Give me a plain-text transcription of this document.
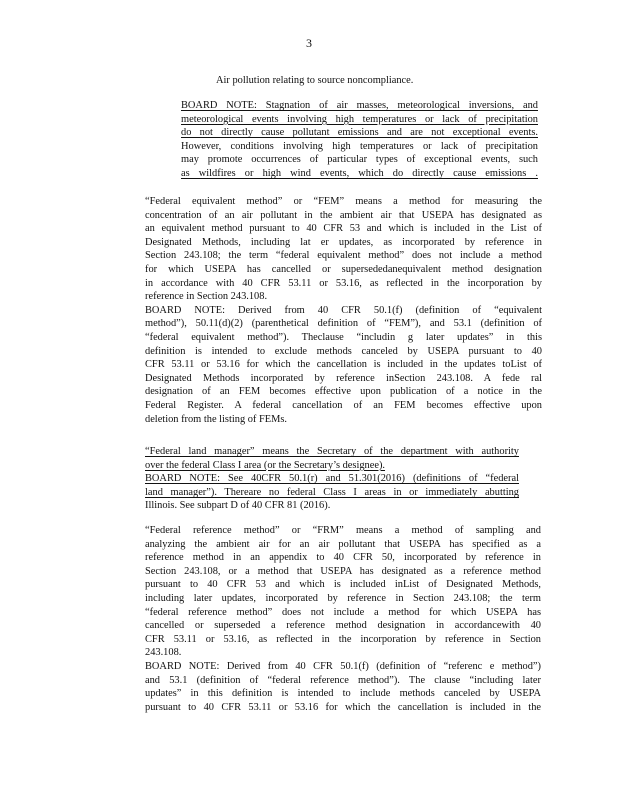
3
Air pollution relating to source noncompliance.
BOARD NOTE: Stagnation of air masses, meteorological inversions, and
meteorological events involving high temperatures or lack of precipitation
do not directly cause pollutant emissions and are not exceptional events.
However, conditions involving high temperatures or lack of precipitation
may promote occurrences of particular types of exceptional events, such
as wildfires or high wind events, which do directly cause emissions .
“Federal equivalent method” or “FEM” means a method for measuring the
concentration of an air pollutant in the ambient air that USEPA has designated as
an equivalent method pursuant to 40 CFR 53 and which is included in the List of
Designated Methods, including lat er updates, as incorporated by reference in
Section 243.108; the term “federal equivalent method” does not include a method
for which USEPA has cancelled or supersededanequivalent method designation
in accordance with 40 CFR 53.11 or 53.16, as reflected in the incorporation by
reference in Section 243.108.
BOARD NOTE: Derived from 40 CFR 50.1(f) (definition of “equivalent
method”), 50.11(d)(2) (parenthetical definition of “FEM”), and 53.1 (definition of
“federal equivalent method”). Theclause “includin g later updates” in this
definition is intended to exclude methods canceled by USEPA pursuant to 40
CFR 53.11 or 53.16 for which the cancellation is included in the updates toList of
Designated Methods incorporated by reference inSection 243.108. A fede ral
designation of an FEM becomes effective upon publication of a notice in the
Federal Register. A federal cancellation of an FEM becomes effective upon
deletion from the listing of FEMs.
“Federal land manager” means the Secretary of the department with authority
over the federal Class I area (or the Secretary’s designee).
BOARD NOTE: See 40CFR 50.1(r) and 51.301(2016) (definitions of “federal
land manager”). Thereare no federal Class I areas in or immediately abutting
Illinois. See subpart D of 40 CFR 81 (2016).
“Federal reference method” or “FRM” means a method of sampling and
analyzing the ambient air for an air pollutant that USEPA has specified as a
reference method in an appendix to 40 CFR 50, incorporated by reference in
Section 243.108, or a method that USEPA has designated as a reference method
pursuant to 40 CFR 53 and which is included inList of Designated Methods,
including later updates, incorporated by reference in Section 243.108; the term
“federal reference method” does not include a method for which USEPA has
cancelled or superseded a reference method designation in accordancewith 40
CFR 53.11 or 53.16, as reflected in the incorporation by reference in Section
243.108.
BOARD NOTE: Derived from 40 CFR 50.1(f) (definition of “referenc e method”)
and 53.1 (definition of “federal reference method”). The clause “including later
updates” in this definition is intended to include methods canceled by USEPA
pursuant to 40 CFR 53.11 or 53.16 for which the cancellation is included in the
